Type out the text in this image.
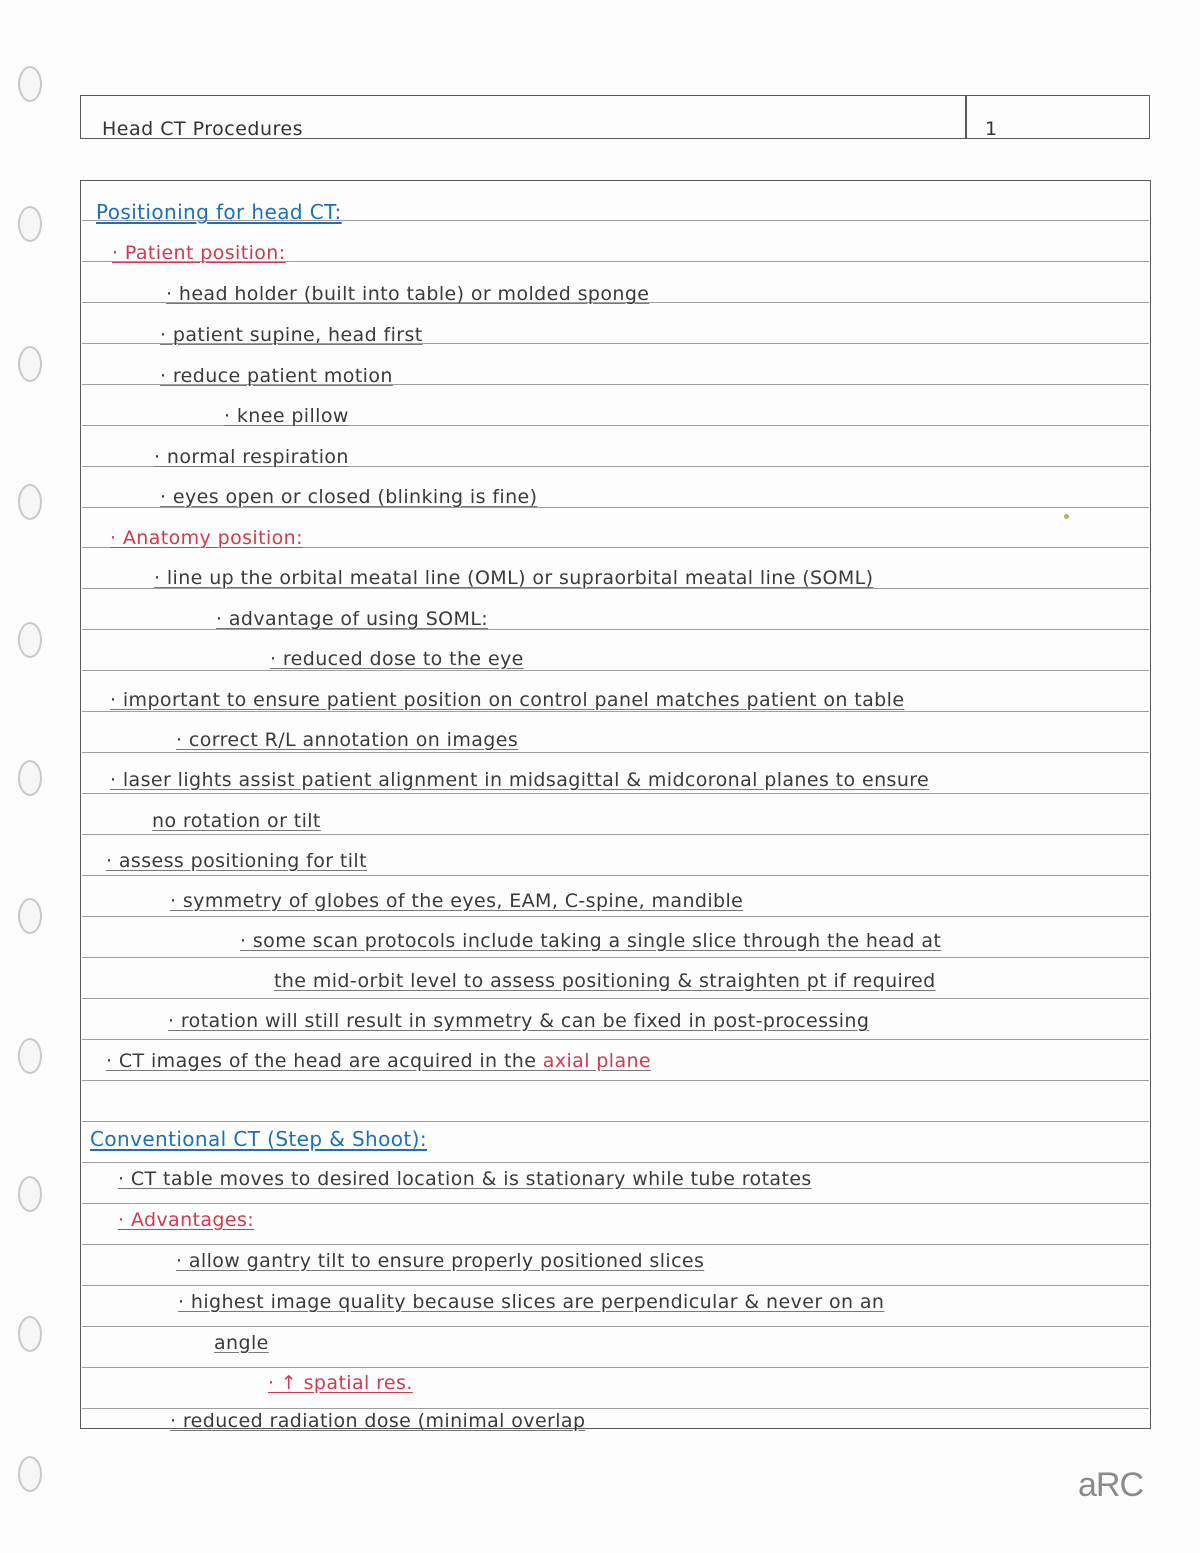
Head CT Procedures	1
Positioning for head CT:
· Patient position:
· head holder (built into table) or molded sponge
· patient supine, head first
· reduce patient motion
· knee pillow
· normal respiration
· eyes open or closed (blinking is fine)
· Anatomy position:
· line up the orbital meatal line (OML) or supraorbital meatal line (SOML)
· advantage of using SOML:
· reduced dose to the eye
· important to ensure patient position on control panel matches patient on table
· correct R/L annotation on images
· laser lights assist patient alignment in midsagittal & midcoronal planes to ensure
no rotation or tilt
· assess positioning for tilt
· symmetry of globes of the eyes, EAM, C-spine, mandible
· some scan protocols include taking a single slice through the head at
the mid-orbit level to assess positioning & straighten pt if required
· rotation will still result in symmetry & can be fixed in post-processing
· CT images of the head are acquired in the axial plane
Conventional CT (Step & Shoot):
· CT table moves to desired location & is stationary while tube rotates
· Advantages:
· allow gantry tilt to ensure properly positioned slices
· highest image quality because slices are perpendicular & never on an
angle
· ↑ spatial res.
· reduced radiation dose (minimal overlap
aRC
